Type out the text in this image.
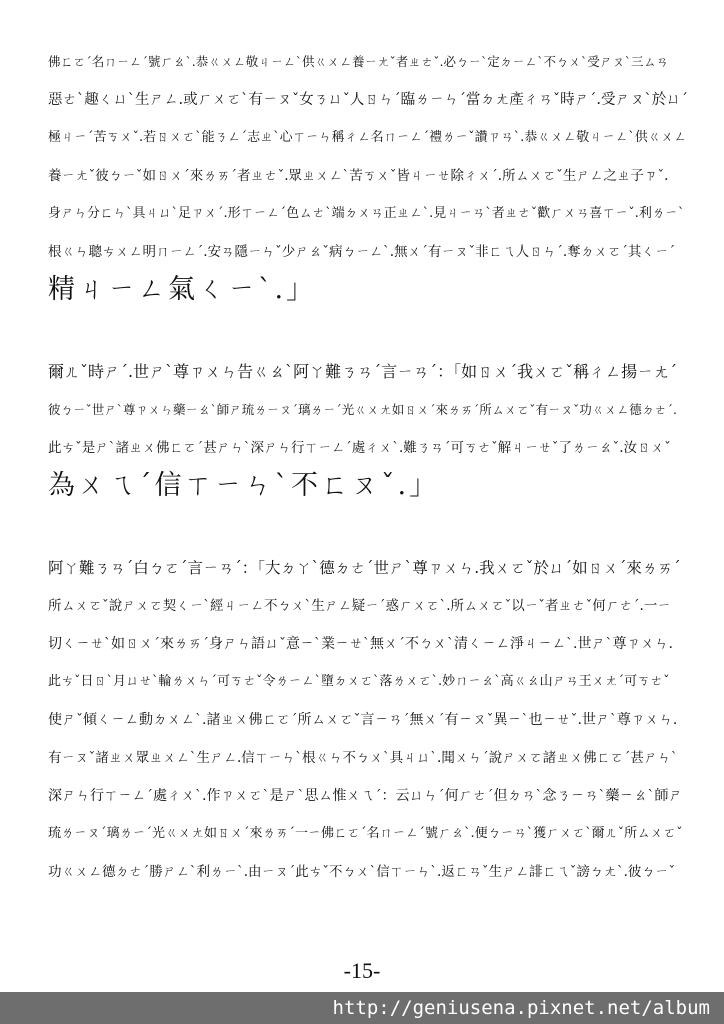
佛ㄈㄛˊ名ㄇㄧㄥˊ號ㄏㄠˋ.恭ㄍㄨㄥ敬ㄐㄧㄥˋ供ㄍㄨㄥ養ㄧㄤˇ者ㄓㄜˇ.必ㄅㄧˋ定ㄉㄧㄥˋ不ㄅㄨˋ受ㄕㄡˋ三ㄙㄢ
惡ㄜˋ趣ㄑㄩˋ生ㄕㄥ.或ㄏㄨㄛˋ有ㄧㄡˇ女ㄋㄩˇ人ㄖㄣˊ臨ㄌㄧㄣˊ當ㄉㄤ產ㄔㄢˇ時ㄕˊ.受ㄕㄡˋ於ㄩˊ
極ㄐㄧˊ苦ㄎㄨˇ.若ㄖㄨㄛˋ能ㄋㄥˊ志ㄓˋ心ㄒㄧㄣ稱ㄔㄥ名ㄇㄧㄥˊ禮ㄌㄧˇ讚ㄗㄢˋ.恭ㄍㄨㄥ敬ㄐㄧㄥˋ供ㄍㄨㄥ
養ㄧㄤˇ彼ㄅㄧˇ如ㄖㄨˊ來ㄌㄞˊ者ㄓㄜˇ.眾ㄓㄨㄥˋ苦ㄎㄨˇ皆ㄐㄧㄝ除ㄔㄨˊ.所ㄙㄨㄛˇ生ㄕㄥ之ㄓ子ㄗˇ.
身ㄕㄣ分ㄈㄣˋ具ㄐㄩˋ足ㄗㄨˊ.形ㄒㄧㄥˊ色ㄙㄜˋ端ㄉㄨㄢ正ㄓㄥˋ.見ㄐㄧㄢˋ者ㄓㄜˇ歡ㄏㄨㄢ喜ㄒㄧˇ.利ㄌㄧˋ
根ㄍㄣ聰ㄘㄨㄥ明ㄇㄧㄥˊ.安ㄢ隱ㄧㄣˇ少ㄕㄠˇ病ㄅㄧㄥˋ.無ㄨˊ有ㄧㄡˇ非ㄈㄟ人ㄖㄣˊ.奪ㄉㄨㄛˊ其ㄑㄧˊ
精ㄐㄧㄥ氣ㄑㄧˋ.」
爾ㄦˇ時ㄕˊ.世ㄕˋ尊ㄗㄨㄣ告ㄍㄠˋ阿ㄚ難ㄋㄢˊ言ㄧㄢˊ：「如ㄖㄨˊ我ㄨㄛˇ稱ㄔㄥ揚ㄧㄤˊ
彼ㄅㄧˇ世ㄕˋ尊ㄗㄨㄣ藥ㄧㄠˋ師ㄕ琉ㄌㄧㄡˊ璃ㄌㄧˊ光ㄍㄨㄤ如ㄖㄨˊ來ㄌㄞˊ所ㄙㄨㄛˇ有ㄧㄡˇ功ㄍㄨㄥ德ㄉㄜˊ.
此ㄘˇ是ㄕˋ諸ㄓㄨ佛ㄈㄛˊ甚ㄕㄣˋ深ㄕㄣ行ㄒㄧㄥˊ處ㄔㄨˋ.難ㄋㄢˊ可ㄎㄜˇ解ㄐㄧㄝˇ了ㄌㄧㄠˇ.汝ㄖㄨˇ
為ㄨㄟˊ信ㄒㄧㄣˋ不ㄈㄡˇ.」
阿ㄚ難ㄋㄢˊ白ㄅㄛˊ言ㄧㄢˊ：「大ㄉㄚˋ德ㄉㄜˊ世ㄕˋ尊ㄗㄨㄣ.我ㄨㄛˇ於ㄩˊ如ㄖㄨˊ來ㄌㄞˊ
所ㄙㄨㄛˇ說ㄕㄨㄛ契ㄑㄧˋ經ㄐㄧㄥ不ㄅㄨˋ生ㄕㄥ疑ㄧˊ惑ㄏㄨㄛˋ.所ㄙㄨㄛˇ以ㄧˇ者ㄓㄜˇ何ㄏㄜˊ.一ㄧ
切ㄑㄧㄝˋ如ㄖㄨˊ來ㄌㄞˊ身ㄕㄣ語ㄩˇ意ㄧˋ業ㄧㄝˋ無ㄨˊ不ㄅㄨˋ清ㄑㄧㄥ淨ㄐㄧㄥˋ.世ㄕˋ尊ㄗㄨㄣ.
此ㄘˇ日ㄖˋ月ㄩㄝˋ輪ㄌㄨㄣˊ可ㄎㄜˇ令ㄌㄧㄥˋ墮ㄉㄨㄛˋ落ㄌㄨㄛˋ.妙ㄇㄧㄠˋ高ㄍㄠ山ㄕㄢ王ㄨㄤˊ可ㄎㄜˇ
使ㄕˇ傾ㄑㄧㄥ動ㄉㄨㄥˋ.諸ㄓㄨ佛ㄈㄛˊ所ㄙㄨㄛˇ言ㄧㄢˊ無ㄨˊ有ㄧㄡˇ異ㄧˋ也ㄧㄝˇ.世ㄕˋ尊ㄗㄨㄣ.
有ㄧㄡˇ諸ㄓㄨ眾ㄓㄨㄥˋ生ㄕㄥ.信ㄒㄧㄣˋ根ㄍㄣ不ㄅㄨˋ具ㄐㄩˋ.聞ㄨㄣˊ說ㄕㄨㄛ諸ㄓㄨ佛ㄈㄛˊ甚ㄕㄣˋ
深ㄕㄣ行ㄒㄧㄥˊ處ㄔㄨˋ.作ㄗㄨㄛˋ是ㄕˋ思ㄙ惟ㄨㄟˊ：云ㄩㄣˊ何ㄏㄜˊ但ㄉㄢˋ念ㄋㄧㄢˋ藥ㄧㄠˋ師ㄕ
琉ㄌㄧㄡˊ璃ㄌㄧˊ光ㄍㄨㄤ如ㄖㄨˊ來ㄌㄞˊ一ㄧ佛ㄈㄛˊ名ㄇㄧㄥˊ號ㄏㄠˋ.便ㄅㄧㄢˋ獲ㄏㄨㄛˋ爾ㄦˇ所ㄙㄨㄛˇ
功ㄍㄨㄥ德ㄉㄜˊ勝ㄕㄥˋ利ㄌㄧˋ.由ㄧㄡˊ此ㄘˇ不ㄅㄨˋ信ㄒㄧㄣˋ.返ㄈㄢˇ生ㄕㄥ誹ㄈㄟˇ謗ㄅㄤˋ.彼ㄅㄧˇ
-15-
http://geniusena.pixnet.net/album
